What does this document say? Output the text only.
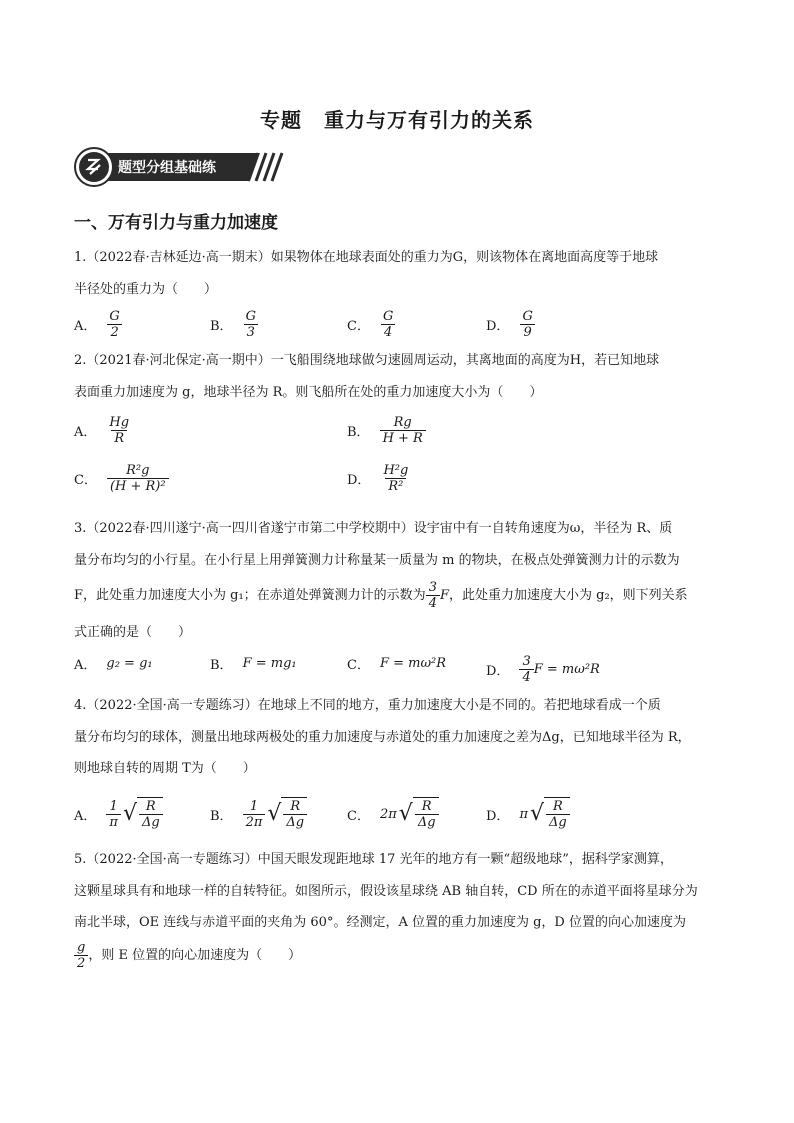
专题 重力与万有引力的关系
题型分组基础练
一、万有引力与重力加速度
1.（2022春·吉林延边·高一期末）如果物体在地球表面处的重力为G，则该物体在离地面高度等于地球
半径处的重力为（　　）
A． $\frac{G}{2}$	B． $\frac{G}{3}$	C． $\frac{G}{4}$	D． $\frac{G}{9}$
2.（2021春·河北保定·高一期中）一飞船围绕地球做匀速圆周运动，其离地面的高度为H，若已知地球
表面重力加速度为 g，地球半径为 R。则飞船所在处的重力加速度大小为（　　）
A． $\frac{Hg}{R}$	B． $\frac{Rg}{H + R}$
C． $\frac{\text{R²g}}{\text{(H + R)²}}$	D． $\frac{\text{H²g}}{\text{R²}}$
3.（2022春·四川遂宁·高一四川省遂宁市第二中学校期中）设宇宙中有一自转角速度为ω，半径为 R、质
量分布均匀的小行星。在小行星上用弹簧测力计称量某一质量为 m 的物块，在极点处弹簧测力计的示数为
F，此处重力加速度大小为 g₁；在赤道处弹簧测力计的示数为 $\frac{3}{4}$ F ，此处重力加速度大小为 g₂，则下列关系
式正确的是（　　）
A． g₂ = g₁	B． F = mg₁	C． F = mω²R
D． $\frac{3}{4}$ F = mω²R
4.（2022·全国·高一专题练习）在地球上不同的地方，重力加速度大小是不同的。若把地球看成一个质
量分布均匀的球体，测量出地球两极处的重力加速度与赤道处的重力加速度之差为Δg，已知地球半径为 R，
则地球自转的周期 T为（　　）
A． $\frac{1}{\pi}$ √ $\frac{R}{\Delta g}$	B． $\frac{1}{2\pi}$ √ $\frac{R}{\Delta g}$	C． 2π √ $\frac{R}{\Delta g}$	D． π √ $\frac{R}{\Delta g}$
5.（2022·全国·高一专题练习）中国天眼发现距地球 17 光年的地方有一颗“超级地球”，据科学家测算，
这颗星球具有和地球一样的自转特征。如图所示，假设该星球绕 AB 轴自转，CD 所在的赤道平面将星球分为
南北半球，OE 连线与赤道平面的夹角为 60°。经测定，A 位置的重力加速度为 g，D 位置的向心加速度为
$\frac{g}{2}$ ，则 E 位置的向心加速度为（　　）
